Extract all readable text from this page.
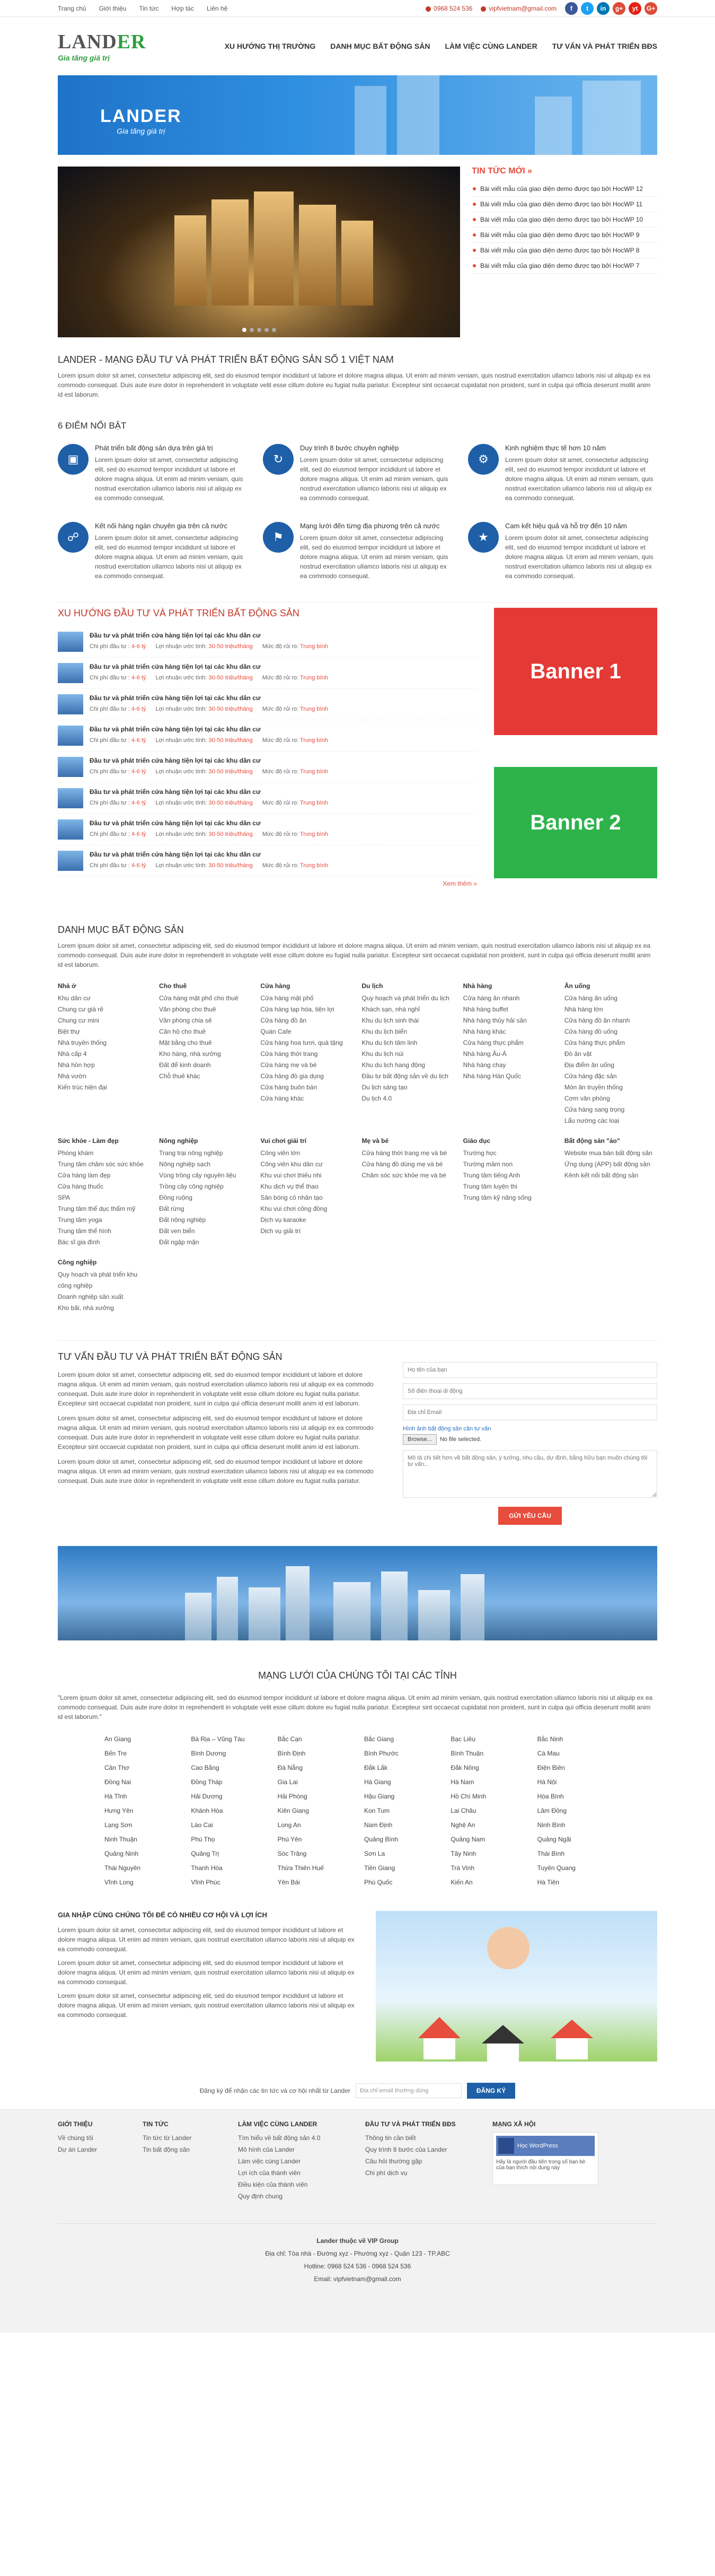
Trang chủ Giới thiệu Tin tức Hợp tác Liên hệ	0968 524 536	vipfvietnam@gmail.com	f	t	in	g+	yt	G+
LANDER
Gia tăng giá trị
XU HƯỚNG THỊ TRƯỜNG DANH MỤC BẤT ĐỘNG SẢN LÀM VIỆC CÙNG LANDER TƯ VẤN VÀ PHÁT TRIỂN BĐS
LANDER
Gia tăng giá trị
TIN TỨC MỚI »
Bài viết mẫu của giao diện demo được tạo bởi HocWP 12
Bài viết mẫu của giao diện demo được tạo bởi HocWP 11
Bài viết mẫu của giao diện demo được tạo bởi HocWP 10
Bài viết mẫu của giao diện demo được tạo bởi HocWP 9
Bài viết mẫu của giao diện demo được tạo bởi HocWP 8
Bài viết mẫu của giao diện demo được tạo bởi HocWP 7
LANDER - MẠNG ĐẦU TƯ VÀ PHÁT TRIỂN BẤT ĐỘNG SẢN SỐ 1 VIỆT NAM

Lorem ipsum dolor sit amet, consectetur adipiscing elit, sed do eiusmod tempor incididunt ut labore et dolore magna aliqua. Ut enim ad minim veniam, quis nostrud exercitation ullamco laboris nisi ut aliquip ex ea commodo consequat. Duis aute irure dolor in reprehenderit in voluptate velit esse cillum dolore eu fugiat nulla pariatur. Excepteur sint occaecat cupidatat non proident, sunt in culpa qui officia deserunt mollit anim id est laborum.

6 ĐIỂM NỔI BẬT
▣
Phát triển bất động sản dựa trên giá trị

Lorem ipsum dolor sit amet, consectetur adipiscing elit, sed do eiusmod tempor incididunt ut labore et dolore magna aliqua. Ut enim ad minim veniam, quis nostrud exercitation ullamco laboris nisi ut aliquip ex ea commodo consequat.

↻
Duy trình 8 bước chuyên nghiệp

Lorem ipsum dolor sit amet, consectetur adipiscing elit, sed do eiusmod tempor incididunt ut labore et dolore magna aliqua. Ut enim ad minim veniam, quis nostrud exercitation ullamco laboris nisi ut aliquip ex ea commodo consequat.

⚙
Kinh nghiệm thực tế hơn 10 năm

Lorem ipsum dolor sit amet, consectetur adipiscing elit, sed do eiusmod tempor incididunt ut labore et dolore magna aliqua. Ut enim ad minim veniam, quis nostrud exercitation ullamco laboris nisi ut aliquip ex ea commodo consequat.

☍
Kết nối hàng ngàn chuyên gia trên cả nước

Lorem ipsum dolor sit amet, consectetur adipiscing elit, sed do eiusmod tempor incididunt ut labore et dolore magna aliqua. Ut enim ad minim veniam, quis nostrud exercitation ullamco laboris nisi ut aliquip ex ea commodo consequat.

⚑
Mạng lưới đến từng địa phương trên cả nước

Lorem ipsum dolor sit amet, consectetur adipiscing elit, sed do eiusmod tempor incididunt ut labore et dolore magna aliqua. Ut enim ad minim veniam, quis nostrud exercitation ullamco laboris nisi ut aliquip ex ea commodo consequat.

★
Cam kết hiệu quả và hỗ trợ đến 10 năm

Lorem ipsum dolor sit amet, consectetur adipiscing elit, sed do eiusmod tempor incididunt ut labore et dolore magna aliqua. Ut enim ad minim veniam, quis nostrud exercitation ullamco laboris nisi ut aliquip ex ea commodo consequat.

XU HƯỚNG ĐẦU TƯ VÀ PHÁT TRIỂN BẤT ĐỘNG SẢN
Đầu tư và phát triển cửa hàng tiện lợi tại các khu dân cư
Chi phí đầu tư : 4-6 tỷ Lợi nhuận ước tính: 30-50 triệu/tháng Mức độ rủi ro: Trung bình
Đầu tư và phát triển cửa hàng tiện lợi tại các khu dân cư
Chi phí đầu tư : 4-6 tỷ Lợi nhuận ước tính: 30-50 triệu/tháng Mức độ rủi ro: Trung bình
Đầu tư và phát triển cửa hàng tiện lợi tại các khu dân cư
Chi phí đầu tư : 4-6 tỷ Lợi nhuận ước tính: 30-50 triệu/tháng Mức độ rủi ro: Trung bình
Đầu tư và phát triển cửa hàng tiện lợi tại các khu dân cư
Chi phí đầu tư : 4-6 tỷ Lợi nhuận ước tính: 30-50 triệu/tháng Mức độ rủi ro: Trung bình
Đầu tư và phát triển cửa hàng tiện lợi tại các khu dân cư
Chi phí đầu tư : 4-6 tỷ Lợi nhuận ước tính: 30-50 triệu/tháng Mức độ rủi ro: Trung bình
Đầu tư và phát triển cửa hàng tiện lợi tại các khu dân cư
Chi phí đầu tư : 4-6 tỷ Lợi nhuận ước tính: 30-50 triệu/tháng Mức độ rủi ro: Trung bình
Đầu tư và phát triển cửa hàng tiện lợi tại các khu dân cư
Chi phí đầu tư : 4-6 tỷ Lợi nhuận ước tính: 30-50 triệu/tháng Mức độ rủi ro: Trung bình
Đầu tư và phát triển cửa hàng tiện lợi tại các khu dân cư
Chi phí đầu tư : 4-6 tỷ Lợi nhuận ước tính: 30-50 triệu/tháng Mức độ rủi ro: Trung bình
Xem thêm »
Banner 1
Banner 2
DANH MỤC BẤT ĐỘNG SẢN

Lorem ipsum dolor sit amet, consectetur adipiscing elit, sed do eiusmod tempor incididunt ut labore et dolore magna aliqua. Ut enim ad minim veniam, quis nostrud exercitation ullamco laboris nisi ut aliquip ex ea commodo consequat. Duis aute irure dolor in reprehenderit in voluptate velit esse cillum dolore eu fugiat nulla pariatur. Excepteur sint occaecat cupidatat non proident, sunt in culpa qui officia deserunt mollit anim id est laborum.

Nhà ở
Khu dân cư
Chung cư giá rẻ
Chung cư mini
Biệt thự
Nhà truyền thống
Nhà cấp 4
Nhà hồn hợp
Nhà vườn
Kiến trúc hiện đại
Cho thuê
Cửa hàng mặt phố cho thuê
Văn phòng cho thuê
Văn phòng chia sẻ
Căn hộ cho thuê
Mặt bằng cho thuê
Kho hàng, nhà xưởng
Đất để kinh doanh
Chỗ thuê khác
Cửa hàng
Cửa hàng mặt phố
Cửa hàng tạp hóa, tiện lợi
Cửa hàng đồ ăn
Quán Cafe
Cửa hàng hoa tươi, quà tặng
Cửa hàng thời trang
Cửa hàng mẹ và bé
Cửa hàng đồ gia dụng
Cửa hàng buôn bán
Cửa hàng khác
Du lịch
Quy hoạch và phát triển du lịch
Khách sạn, nhà nghỉ
Khu du lịch sinh thái
Khu du lịch biển
Khu du lịch tâm linh
Khu du lịch núi
Khu du lịch hang động
Đầu tư bất động sản về du lịch
Du lịch sáng tạo
Du lịch 4.0
Nhà hàng
Cửa hàng ăn nhanh
Nhà hàng buffet
Nhà hàng thủy hải sản
Nhà hàng khác
Cửa hàng thực phẩm
Nhà hàng Âu-Á
Nhà hàng chay
Nhà hàng Hàn Quốc
Ăn uống
Cửa hàng ăn uống
Nhà hàng lớn
Cửa hàng đồ ăn nhanh
Cửa hàng đồ uống
Cửa hàng thực phẩm
Đồ ăn vặt
Địa điểm ăn uống
Cửa hàng đặc sản
Món ăn truyền thống
Cơm văn phòng
Cửa hàng sang trọng
Lẩu nướng các loại
Sức khỏe - Làm đẹp
Phòng khám
Trung tâm chăm sóc sức khỏe
Cửa hàng làm đẹp
Cửa hàng thuốc
SPA
Trung tâm thể dục thẩm mỹ
Trung tâm yoga
Trung tâm thể hình
Bác sĩ gia đình
Nông nghiệp
Trang trại nông nghiệp
Nông nghiệp sạch
Vùng trồng cây nguyên liệu
Trồng cây công nghiệp
Đồng ruộng
Đất rừng
Đất nông nghiệp
Đất ven biển
Đất ngập mặn
Vui chơi giải trí
Công viên lớn
Công viên khu dân cư
Khu vui chơi thiếu nhi
Khu dịch vụ thể thao
Sân bóng cỏ nhân tạo
Khu vui chơi công đồng
Dịch vụ karaoke
Dịch vụ giải trí
Mẹ và bé
Cửa hàng thời trang mẹ và bé
Cửa hàng đồ dùng mẹ và bé
Chăm sóc sức khỏe mẹ và bé
Giáo dục
Trường học
Trường mầm non
Trung tâm tiếng Anh
Trung tâm luyện thi
Trung tâm kỹ năng sống
Bất động sản "ảo"
Website mua bán bất động sản
Ứng dụng (APP) bất động sản
Kênh kết nối bất động sản
Công nghiệp
Quy hoạch và phát triển khu công nghiệp
Doanh nghiệp sản xuất
Kho bãi, nhà xưởng
TƯ VẤN ĐẦU TƯ VÀ PHÁT TRIỂN BẤT ĐỘNG SẢN

Lorem ipsum dolor sit amet, consectetur adipiscing elit, sed do eiusmod tempor incididunt ut labore et dolore magna aliqua. Ut enim ad minim veniam, quis nostrud exercitation ullamco laboris nisi ut aliquip ex ea commodo consequat. Duis aute irure dolor in reprehenderit in voluptate velit esse cillum dolore eu fugiat nulla pariatur. Excepteur sint occaecat cupidatat non proident, sunt in culpa qui officia deserunt mollit anim id est laborum.

Lorem ipsum dolor sit amet, consectetur adipiscing elit, sed do eiusmod tempor incididunt ut labore et dolore magna aliqua. Ut enim ad minim veniam, quis nostrud exercitation ullamco laboris nisi ut aliquip ex ea commodo consequat. Duis aute irure dolor in reprehenderit in voluptate velit esse cillum dolore eu fugiat nulla pariatur. Excepteur sint occaecat cupidatat non proident, sunt in culpa qui officia deserunt mollit anim id est laborum.

Lorem ipsum dolor sit amet, consectetur adipiscing elit, sed do eiusmod tempor incididunt ut labore et dolore magna aliqua. Ut enim ad minim veniam, quis nostrud exercitation ullamco laboris nisi ut aliquip ex ea commodo consequat. Duis aute irure dolor in reprehenderit in voluptate velit esse cillum dolore eu fugiat nulla pariatur.

Họ tên của bạn Số điện thoại di động Địa chỉ Email
Hình ảnh bất động sản cần tư vấn
Browse...	No file selected.
Mô tả chi tiết hơn về bất động sản, ý tưởng, nhu cầu, dự định, bằng hữu bạn muốn chúng tôi tư vấn...
GỬI YÊU CẦU
MẠNG LƯỚI CỦA CHÚNG TÔI TẠI CÁC TỈNH

"Lorem ipsum dolor sit amet, consectetur adipiscing elit, sed do eiusmod tempor incididunt ut labore et dolore magna aliqua. Ut enim ad minim veniam, quis nostrud exercitation ullamco laboris nisi ut aliquip ex ea commodo consequat. Duis aute irure dolor in reprehenderit in voluptate velit esse cillum dolore eu fugiat nulla pariatur. Excepteur sint occaecat cupidatat non proident, sunt in culpa qui officia deserunt mollit anim id est laborum."

An Giang	Bà Rịa – Vũng Tàu	Bắc Cạn	Bắc Giang	Bạc Liêu	Bắc Ninh
Bến Tre	Bình Dương	Bình Định	Bình Phước	Bình Thuận	Cà Mau
Cần Thơ	Cao Bằng	Đà Nẵng	Đắk Lắk	Đắk Nông	Điện Biên
Đồng Nai	Đồng Tháp	Gia Lai	Hà Giang	Hà Nam	Hà Nội
Hà Tĩnh	Hải Dương	Hải Phòng	Hậu Giang	Hồ Chí Minh	Hòa Bình
Hưng Yên	Khánh Hòa	Kiên Giang	Kon Tum	Lai Châu	Lâm Đồng
Lạng Sơn	Lào Cai	Long An	Nam Định	Nghệ An	Ninh Bình
Ninh Thuận	Phú Thọ	Phú Yên	Quảng Bình	Quảng Nam	Quảng Ngãi
Quảng Ninh	Quảng Trị	Sóc Trăng	Sơn La	Tây Ninh	Thái Bình
Thái Nguyên	Thanh Hóa	Thừa Thiên Huế	Tiền Giang	Trà Vinh	Tuyên Quang
Vĩnh Long	Vĩnh Phúc	Yên Bái	Phú Quốc	Kiến An	Hà Tiên
GIA NHẬP CÙNG CHÚNG TÔI ĐỂ CÓ NHIỀU CƠ HỘI VÀ LỢI ÍCH

Lorem ipsum dolor sit amet, consectetur adipiscing elit, sed do eiusmod tempor incididunt ut labore et dolore magna aliqua. Ut enim ad minim veniam, quis nostrud exercitation ullamco laboris nisi ut aliquip ex ea commodo consequat.

Lorem ipsum dolor sit amet, consectetur adipiscing elit, sed do eiusmod tempor incididunt ut labore et dolore magna aliqua. Ut enim ad minim veniam, quis nostrud exercitation ullamco laboris nisi ut aliquip ex ea commodo consequat.

Lorem ipsum dolor sit amet, consectetur adipiscing elit, sed do eiusmod tempor incididunt ut labore et dolore magna aliqua. Ut enim ad minim veniam, quis nostrud exercitation ullamco laboris nisi ut aliquip ex ea commodo consequat.

Đăng ký để nhận các tin tức và cơ hội nhất từ Lander	Địa chỉ email thường dùng	ĐĂNG KÝ
GIỚI THIỆU
Về chúng tôi
Dự án Lander
TIN TỨC
Tin tức từ Lander
Tin bất động sản
LÀM VIỆC CÙNG LANDER
Tìm hiểu về bất động sản 4.0
Mô hình của Lander
Làm việc cùng Lander
Lợi ích của thành viên
Điều kiện của thành viên
Quy định chung
ĐẦU TƯ VÀ PHÁT TRIỂN BĐS
Thông tin cần biết
Quy trình 8 bước của Lander
Câu hỏi thường gặp
Chi phí dịch vụ
MẠNG XÃ HỘI
Học WordPress
Hãy là người đầu tiên trong số bạn bè của bạn thích nội dung này
Lander thuộc về VIP Group
Địa chỉ: Tòa nhà - Đường xyz - Phường xyz - Quận 123 - TP.ABC
Hotline: 0968 524 536 - 0968 524 536
Email: vipfvietnam@gmail.com
